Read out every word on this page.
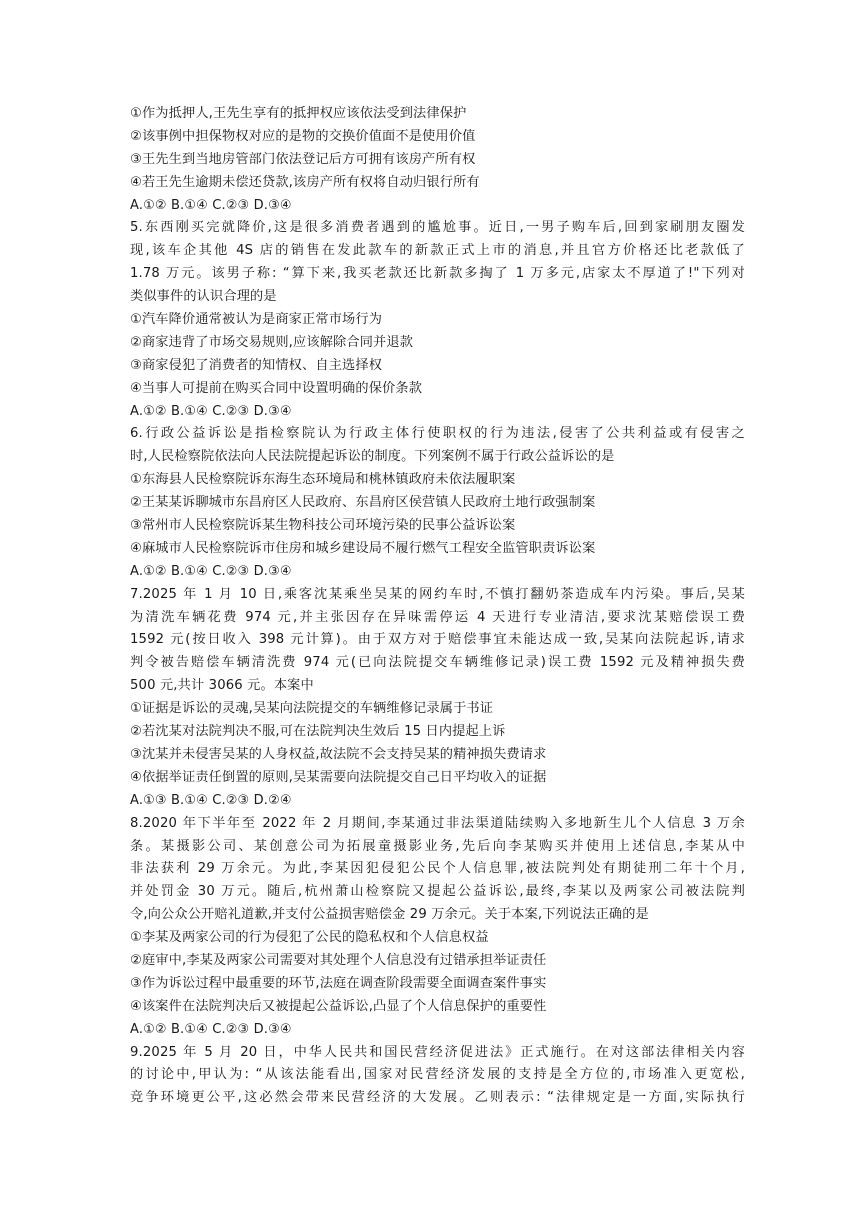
①作为抵押人,王先生享有的抵押权应该依法受到法律保护
②该事例中担保物权对应的是物的交换价值面不是使用价值
③王先生到当地房管部门依法登记后方可拥有该房产所有权
④若王先生逾期未偿还贷款,该房产所有权将自动归银行所有
A.①② B.①④ C.②③ D.③④
5.东西刚买完就降价,这是很多消费者遇到的尴尬事。近日,一男子购车后,回到家刷朋友圈发
现,该车企其他 4S 店的销售在发此款车的新款正式上市的消息,并且官方价格还比老款低了
1.78 万元。该男子称: “算下来,我买老款还比新款多掏了 1 万多元,店家太不厚道了!"下列对
类似事件的认识合理的是
①汽车降价通常被认为是商家正常市场行为
②商家违背了市场交易规则,应该解除合同并退款
③商家侵犯了消费者的知情权、自主选择权
④当事人可提前在购买合同中设置明确的保价条款
A.①② B.①④ C.②③ D.③④
6.行政公益诉讼是指检察院认为行政主体行使职权的行为违法,侵害了公共利益或有侵害之
时,人民检察院依法向人民法院提起诉讼的制度。下列案例不属于行政公益诉讼的是
①东海县人民检察院诉东海生态环境局和桃林镇政府未依法履职案
②王某某诉聊城市东昌府区人民政府、东昌府区侯营镇人民政府土地行政强制案
③常州市人民检察院诉某生物科技公司环境污染的民事公益诉讼案
④麻城市人民检察院诉市住房和城乡建设局不履行燃气工程安全监管职责诉讼案
A.①② B.①④ C.②③ D.③④
7.2025 年 1 月 10 日,乘客沈某乘坐吴某的网约车时,不慎打翻奶茶造成车内污染。事后,吴某
为清洗车辆花费 974 元,并主张因存在异味需停运 4 天进行专业清洁,要求沈某赔偿误工费
1592 元(按日收入 398 元计算)。由于双方对于赔偿事宜未能达成一致,吴某向法院起诉,请求
判令被告赔偿车辆清洗费 974 元(已向法院提交车辆维修记录)误工费 1592 元及精神损失费
500 元,共计 3066 元。本案中
①证据是诉讼的灵魂,吴某向法院提交的车辆维修记录属于书证
②若沈某对法院判决不服,可在法院判决生效后 15 日内提起上诉
③沈某并未侵害吴某的人身权益,故法院不会支持吴某的精神损失费请求
④依据举证责任倒置的原则,吴某需要向法院提交自己日平均收入的证据
A.①③ B.①④ C.②③ D.②④
8.2020 年下半年至 2022 年 2 月期间,李某通过非法渠道陆续购入多地新生儿个人信息 3 万余
条。某摄影公司、某创意公司为拓展童摄影业务,先后向李某购买并使用上述信息,李某从中
非法获利 29 万余元。为此,李某因犯侵犯公民个人信息罪,被法院判处有期徒刑二年十个月,
并处罚金 30 万元。随后,杭州萧山检察院又提起公益诉讼,最终,李某以及两家公司被法院判
令,向公众公开赔礼道歉,并支付公益损害赔偿金 29 万余元。关于本案,下列说法正确的是
①李某及两家公司的行为侵犯了公民的隐私权和个人信息权益
②庭审中,李某及两家公司需要对其处理个人信息没有过错承担举证责任
③作为诉讼过程中最重要的环节,法庭在调查阶段需要全面调查案件事实
④该案件在法院判决后又被提起公益诉讼,凸显了个人信息保护的重要性
A.①② B.①④ C.②③ D.③④
9.2025 年 5 月 20 日，中华人民共和国民营经济促进法》正式施行。在对这部法律相关内容
的讨论中,甲认为: “从该法能看出,国家对民营经济发展的支持是全方位的,市场准入更宽松,
竞争环境更公平,这必然会带来民营经济的大发展。乙则表示: “法律规定是一方面,实际执行
